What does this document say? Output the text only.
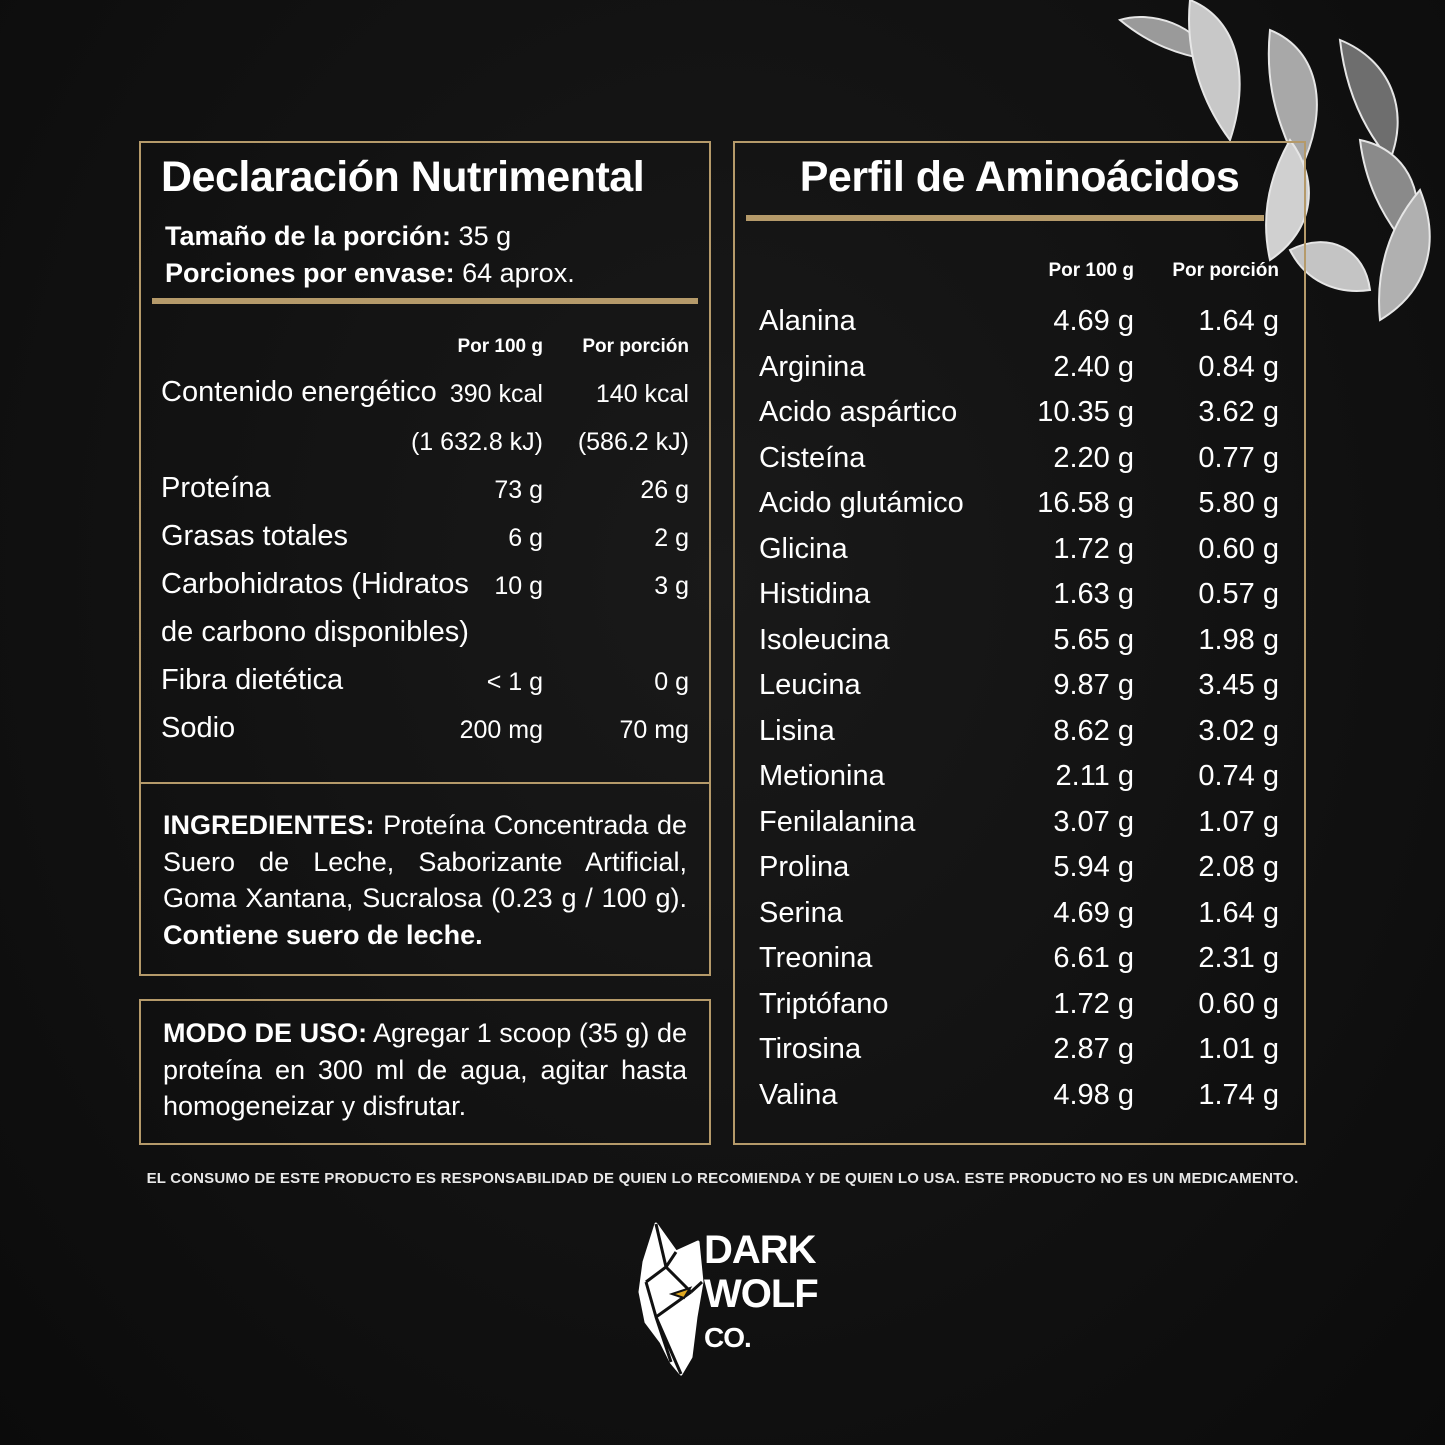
Declaración Nutrimental
Tamaño de la porción: 35 g
Porciones por envase: 64 aprox.
Por 100 g Por porción
Contenido energético 390 kcal 140 kcal
(1 632.8 kJ) (586.2 kJ)
Proteína	73 g	26 g
Grasas totales	6 g	2 g
Carbohidratos (Hidratos 10 g	3 g
de carbono disponibles)
Fibra dietética	< 1 g	0 g
Sodio	200 mg	70 mg
INGREDIENTES: Proteína Concentrada de Suero de Leche, Saborizante Artificial, Goma Xantana, Sucralosa (0.23 g / 100 g). Contiene suero de leche.
MODO DE USO: Agregar 1 scoop (35 g) de proteína en 300 ml de agua, agitar hasta homogeneizar y disfrutar.
Perfil de Aminoácidos
Por 100 g Por porción
Alanina	4.69 g 1.64 g
Arginina	2.40 g 0.84 g
Acido aspártico	10.35 g 3.62 g
Cisteína	2.20 g 0.77 g
Acido glutámico	16.58 g 5.80 g
Glicina	1.72 g 0.60 g
Histidina	1.63 g 0.57 g
Isoleucina	5.65 g 1.98 g
Leucina	9.87 g 3.45 g
Lisina	8.62 g 3.02 g
Metionina	2.11 g 0.74 g
Fenilalanina	3.07 g 1.07 g
Prolina	5.94 g 2.08 g
Serina	4.69 g 1.64 g
Treonina	6.61 g 2.31 g
Triptófano	1.72 g 0.60 g
Tirosina	2.87 g 1.01 g
Valina	4.98 g 1.74 g
EL CONSUMO DE ESTE PRODUCTO ES RESPONSABILIDAD DE QUIEN LO RECOMIENDA Y DE QUIEN LO USA. ESTE PRODUCTO NO ES UN MEDICAMENTO.
DARK
WOLF
CO.
